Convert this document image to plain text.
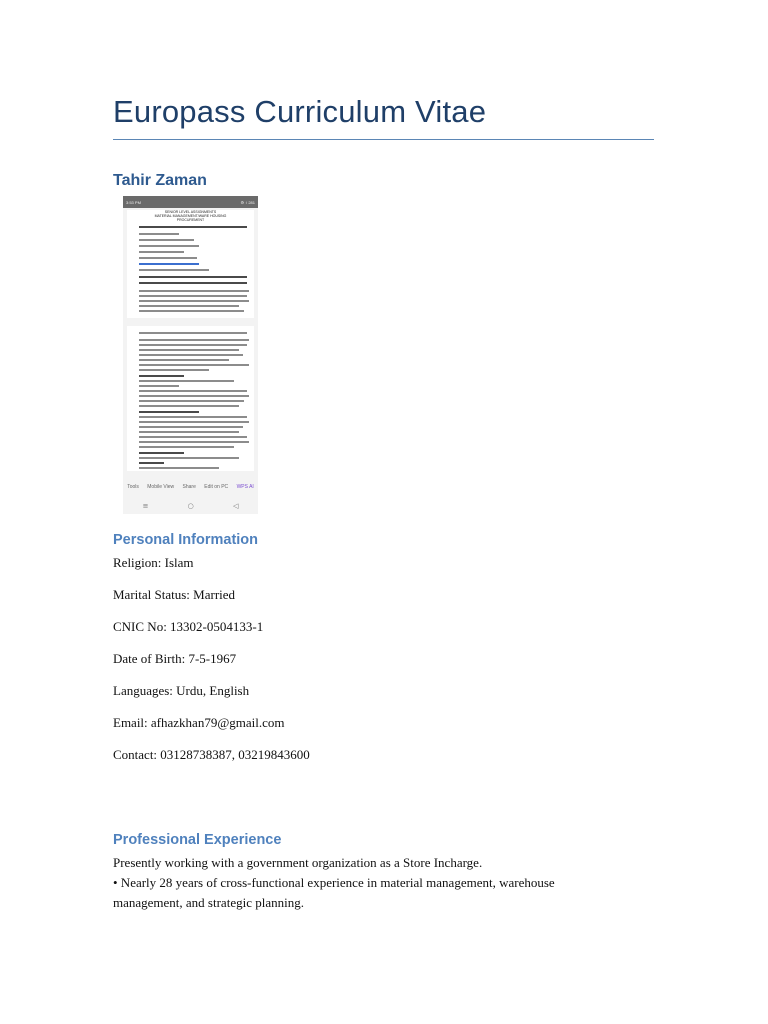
Europass Curriculum Vitae
Tahir Zaman
3:53 PM	⚙ ↕ 281
SENIOR LEVEL ASSIGNMENTS
MATERIAL MANAGEMENT/WARE HOUSING
PROCUREMENT
Tools Mobile View Share Edit on PC WPS AI
≡	○	◁
Personal Information
Religion: Islam
Marital Status: Married
CNIC No: 13302-0504133-1
Date of Birth: 7-5-1967
Languages: Urdu, English
Email: afhazkhan79@gmail.com
Contact: 03128738387, 03219843600
Professional Experience
Presently working with a government organization as a Store Incharge.
• Nearly 28 years of cross-functional experience in material management, warehouse
management, and strategic planning.
